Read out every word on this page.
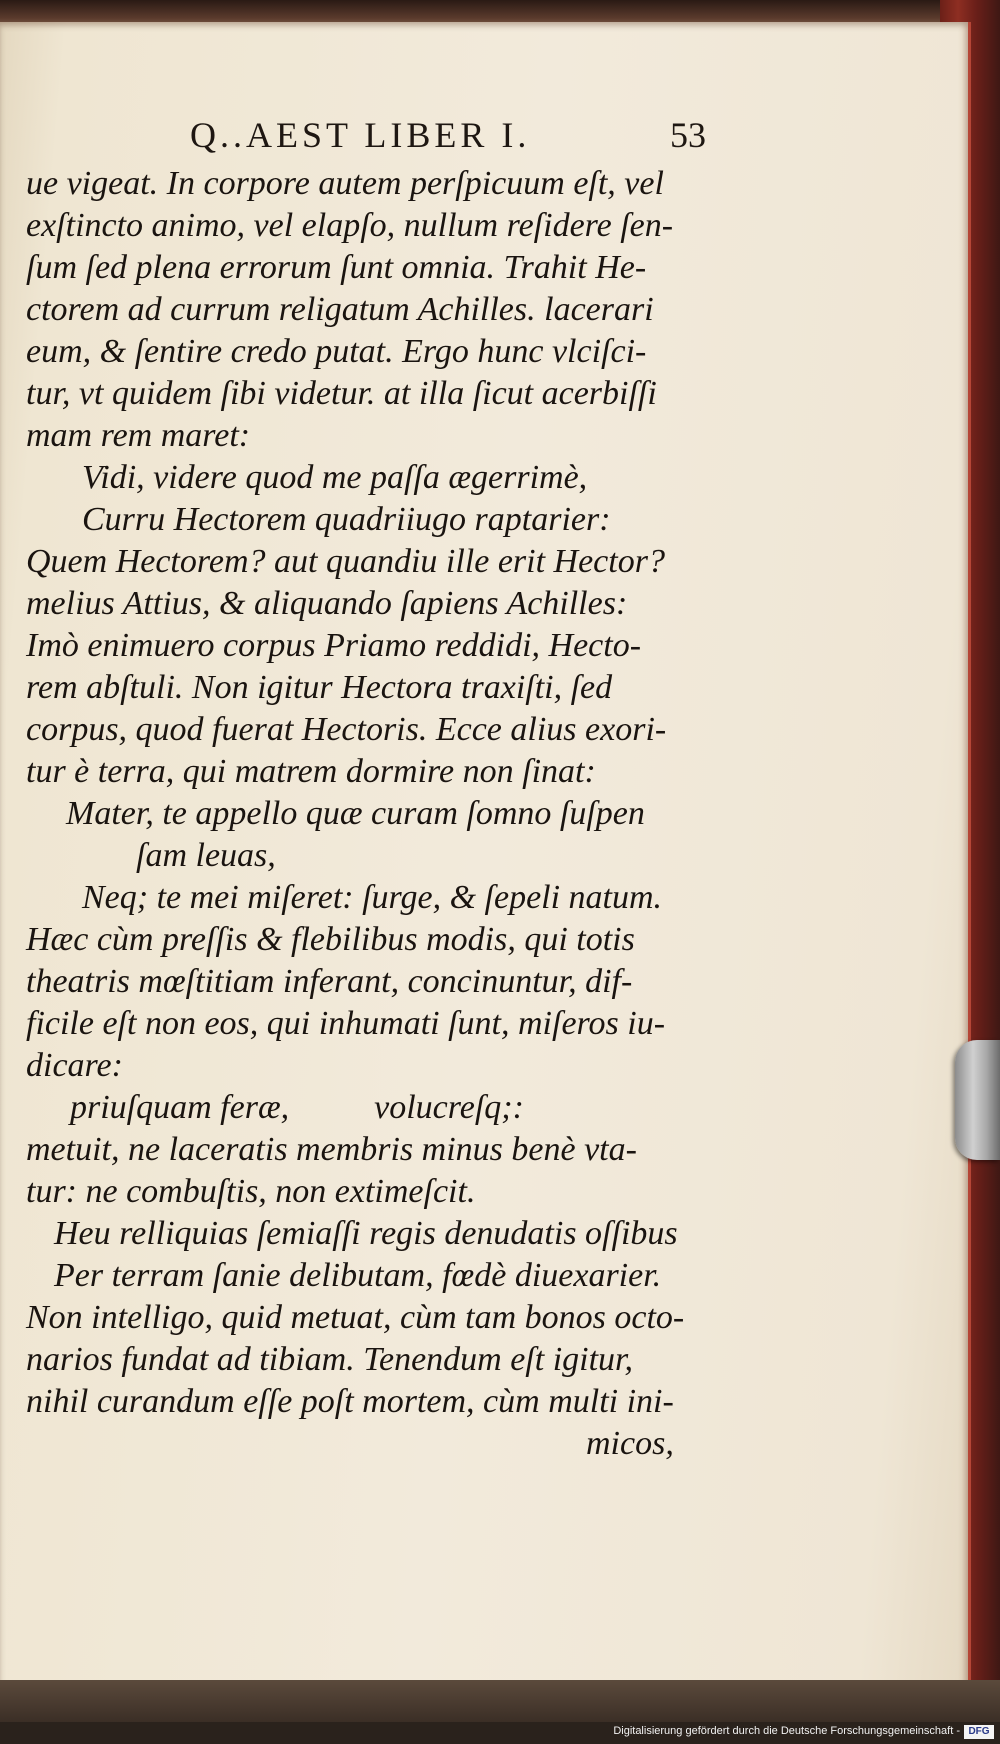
Q..AEST LIBER I.	53
ue vigeat. In corpore autem perſpicuum eſt, vel
exſtincto animo, vel elapſo, nullum reſidere ſen-
ſum ſed plena errorum ſunt omnia. Trahit He-
ctorem ad currum religatum Achilles. lacerari
eum, & ſentire credo putat. Ergo hunc vlciſci-
tur, vt quidem ſibi videtur. at illa ſicut acerbiſſi
mam rem maret:
Vidi, videre quod me paſſa ægerrimè,
Curru Hectorem quadriiugo raptarier:
Quem Hectorem? aut quandiu ille erit Hector?
melius Attius, & aliquando ſapiens Achilles:
Imò enimuero corpus Priamo reddidi, Hecto-
rem abſtuli. Non igitur Hectora traxiſti, ſed
corpus, quod fuerat Hectoris. Ecce alius exori-
tur è terra, qui matrem dormire non ſinat:
Mater, te appello quæ curam ſomno ſuſpen
ſam leuas,
Neq; te mei miſeret: ſurge, & ſepeli natum.
Hæc cùm preſſis & flebilibus modis, qui totis
theatris mœſtitiam inferant, concinuntur, dif-
ficile eſt non eos, qui inhumati ſunt, miſeros iu-
dicare:
priuſquam feræ,          volucreſq;:
metuit, ne laceratis membris minus benè vta-
tur: ne combuſtis, non extimeſcit.
Heu relliquias ſemiaſſi regis denudatis oſſibus
Per terram ſanie delibutam, fœdè diuexarier.
Non intelligo, quid metuat, cùm tam bonos octo-
narios fundat ad tibiam. Tenendum eſt igitur,
nihil curandum eſſe poſt mortem, cùm multi ini-
micos,
Digitalisierung gefördert durch die Deutsche Forschungsgemeinschaft - DFG
